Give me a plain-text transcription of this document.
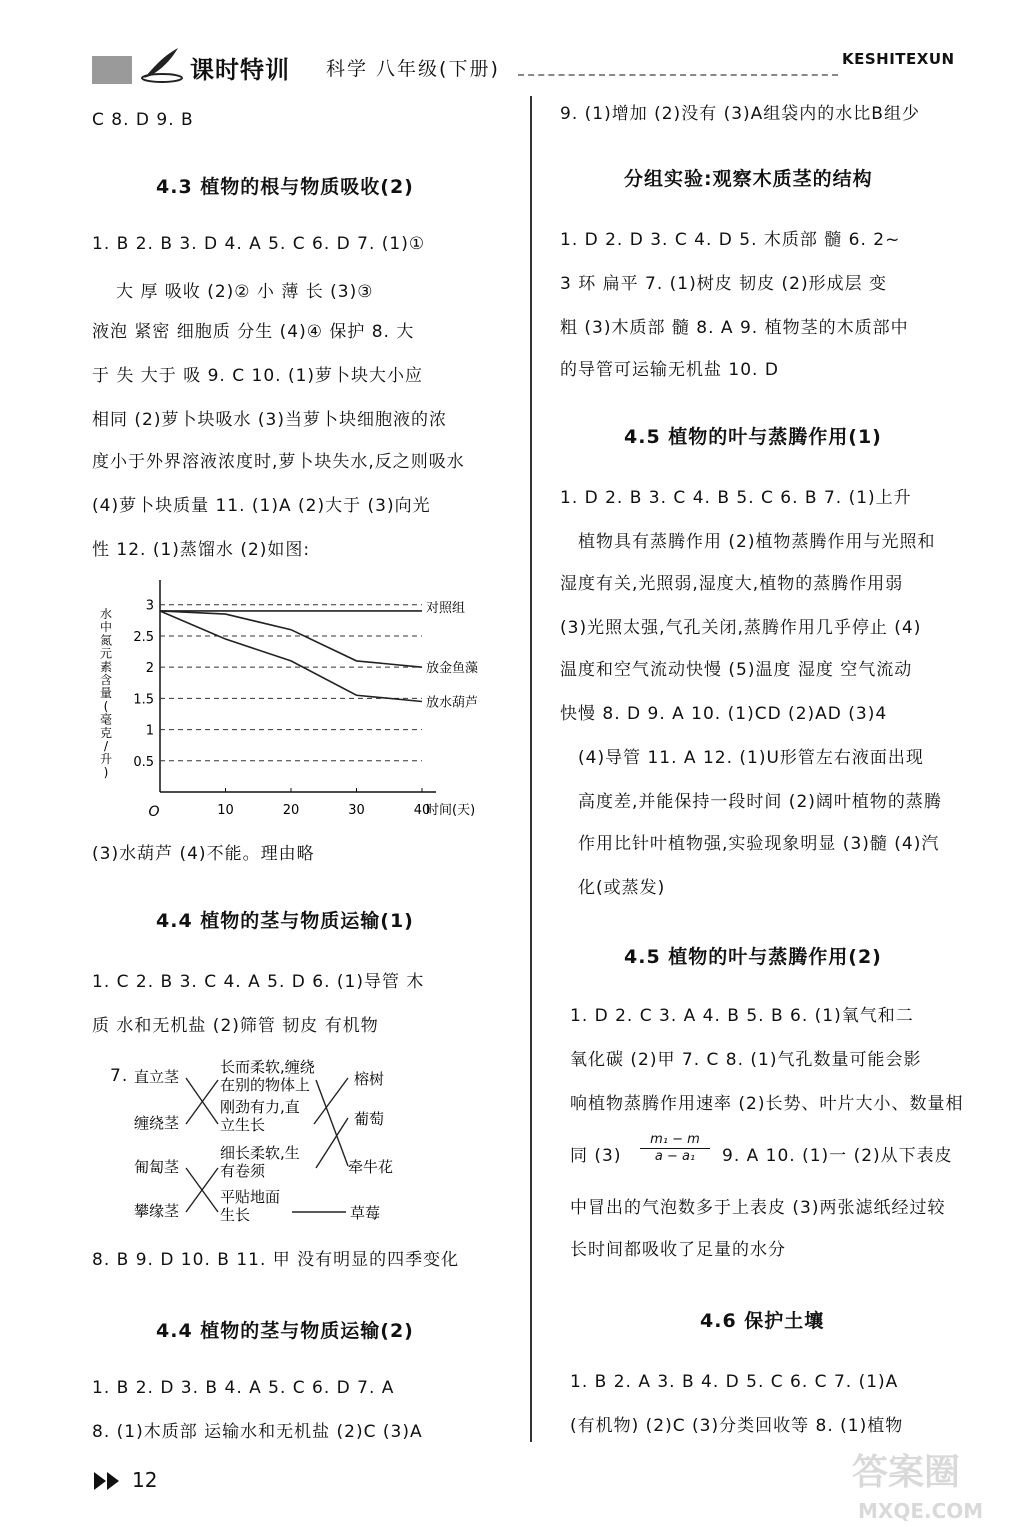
课时特训 科学 八年级(下册)	KESHITEXUN
C 8. D 9. B
4.3 植物的根与物质吸收(2)
1. B 2. B 3. D 4. A 5. C 6. D 7. (1)①
大 厚 吸收 (2)② 小 薄 长 (3)③
液泡 紧密 细胞质 分生 (4)④ 保护 8. 大
于 失 大于 吸 9. C 10. (1)萝卜块大小应
相同 (2)萝卜块吸水 (3)当萝卜块细胞液的浓
度小于外界溶液浓度时,萝卜块失水,反之则吸水
(4)萝卜块质量 11. (1)A (2)大于 (3)向光
性 12. (1)蒸馏水 (2)如图:
0.5
1
1.5
2
2.5
3
10	20	30	40
O	时间(天)
水
中
氮
元
素
含
量
(
毫
克
/
升
)
对照组
放金鱼藻
放水葫芦
(3)水葫芦 (4)不能。理由略
4.4 植物的茎与物质运输(1)
1. C 2. B 3. C 4. A 5. D 6. (1)导管 木
质 水和无机盐 (2)筛管 韧皮 有机物
7. 直立茎
缠绕茎
匍匐茎
攀缘茎
长而柔软,缠绕
在别的物体上
刚劲有力,直
立生长
细长柔软,生
有卷须
平贴地面
生长
榕树
葡萄
牵牛花
草莓
8. B 9. D 10. B 11. 甲 没有明显的四季变化
4.4 植物的茎与物质运输(2)
1. B 2. D 3. B 4. A 5. C 6. D 7. A
8. (1)木质部 运输水和无机盐 (2)C (3)A
9. (1)增加 (2)没有 (3)A组袋内的水比B组少
分组实验:观察木质茎的结构
1. D 2. D 3. C 4. D 5. 木质部 髓 6. 2~
3 环 扁平 7. (1)树皮 韧皮 (2)形成层 变
粗 (3)木质部 髓 8. A 9. 植物茎的木质部中
的导管可运输无机盐 10. D
4.5 植物的叶与蒸腾作用(1)
1. D 2. B 3. C 4. B 5. C 6. B 7. (1)上升
植物具有蒸腾作用 (2)植物蒸腾作用与光照和
湿度有关,光照弱,湿度大,植物的蒸腾作用弱
(3)光照太强,气孔关闭,蒸腾作用几乎停止 (4)
温度和空气流动快慢 (5)温度 湿度 空气流动
快慢 8. D 9. A 10. (1)CD (2)AD (3)4
(4)导管 11. A 12. (1)U形管左右液面出现
高度差,并能保持一段时间 (2)阔叶植物的蒸腾
作用比针叶植物强,实验现象明显 (3)髓 (4)汽
化(或蒸发)
4.5 植物的叶与蒸腾作用(2)
1. D 2. C 3. A 4. B 5. B 6. (1)氧气和二
氧化碳 (2)甲 7. C 8. (1)气孔数量可能会影
响植物蒸腾作用速率 (2)长势、叶片大小、数量相
同 $(3) \frac{\text{m₁ − m}}{\text{a − a₁}} 9$. A 10. (1)一 (2)从下表皮
中冒出的气泡数多于上表皮 (3)两张滤纸经过较
长时间都吸收了足量的水分
4.6 保护土壤
1. B 2. A 3. B 4. D 5. C 6. C 7. (1)A
(有机物) (2)C (3)分类回收等 8. (1)植物
12	答案圈
MXQE.COM
